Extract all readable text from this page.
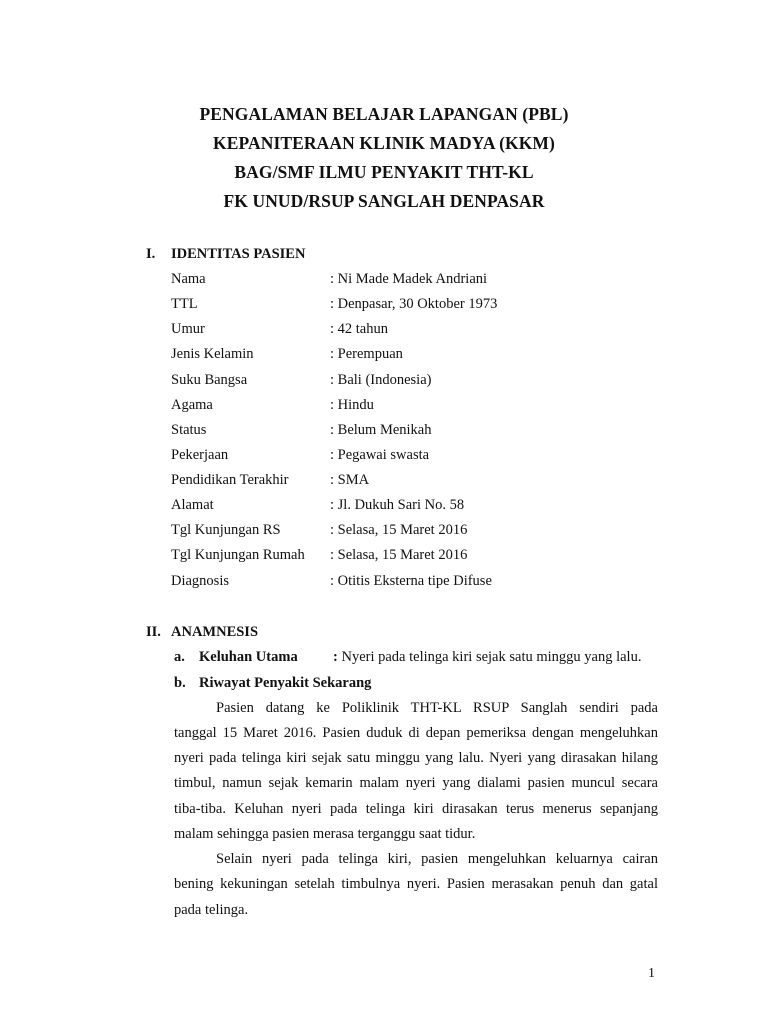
PENGALAMAN BELAJAR LAPANGAN (PBL)
KEPANITERAAN KLINIK MADYA (KKM)
BAG/SMF ILMU PENYAKIT THT-KL
FK UNUD/RSUP SANGLAH DENPASAR
I. IDENTITAS PASIEN
Nama	: Ni Made Madek Andriani
TTL	: Denpasar, 30 Oktober 1973
Umur	: 42 tahun
Jenis Kelamin	: Perempuan
Suku Bangsa	: Bali (Indonesia)
Agama	: Hindu
Status	: Belum Menikah
Pekerjaan	: Pegawai swasta
Pendidikan Terakhir	: SMA
Alamat	: Jl. Dukuh Sari No. 58
Tgl Kunjungan RS	: Selasa, 15 Maret 2016
Tgl Kunjungan Rumah : Selasa, 15 Maret 2016
Diagnosis	: Otitis Eksterna tipe Difuse
II. ANAMNESIS
a. Keluhan Utama : Nyeri pada telinga kiri sejak satu minggu yang lalu.
b. Riwayat Penyakit Sekarang
Pasien datang ke Poliklinik THT-KL RSUP Sanglah sendiri pada
tanggal 15 Maret 2016. Pasien duduk di depan pemeriksa dengan mengeluhkan
nyeri pada telinga kiri sejak satu minggu yang lalu. Nyeri yang dirasakan hilang
timbul, namun sejak kemarin malam nyeri yang dialami pasien muncul secara
tiba-tiba. Keluhan nyeri pada telinga kiri dirasakan terus menerus sepanjang
malam sehingga pasien merasa terganggu saat tidur.
Selain nyeri pada telinga kiri, pasien mengeluhkan keluarnya cairan
bening kekuningan setelah timbulnya nyeri. Pasien merasakan penuh dan gatal
pada telinga.
1
